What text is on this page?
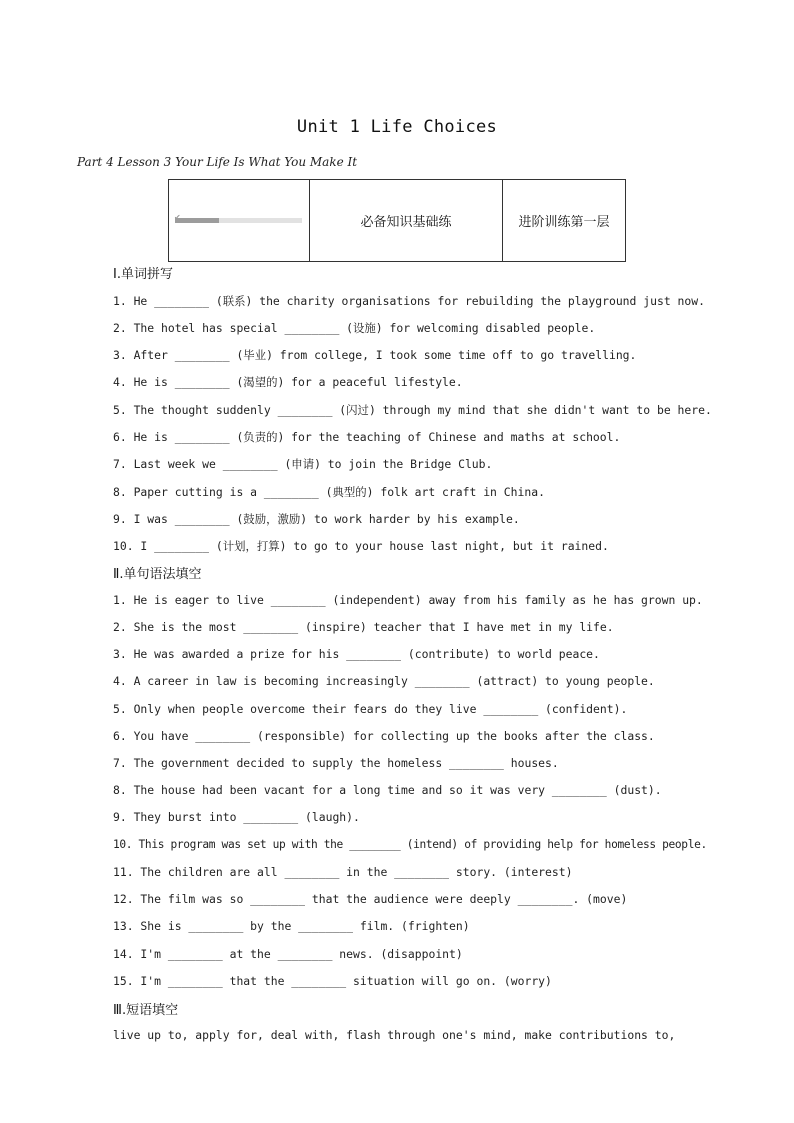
Unit 1 Life Choices
Part 4 Lesson 3 Your Life Is What You Make It
	必备知识基础练	进阶训练第一层
Ⅰ.单词拼写
1. He ________ (联系) the charity organisations for rebuilding the playground just now.
2. The hotel has special ________ (设施) for welcoming disabled people.
3. After ________ (毕业) from college, I took some time off to go travelling.
4. He is ________ (渴望的) for a peaceful lifestyle.
5. The thought suddenly ________ (闪过) through my mind that she didn't want to be here.
6. He is ________ (负责的) for the teaching of Chinese and maths at school.
7. Last week we ________ (申请) to join the Bridge Club.
8. Paper cutting is a ________ (典型的) folk art craft in China.
9. I was ________ (鼓励，激励) to work harder by his example.
10. I ________ (计划，打算) to go to your house last night, but it rained.
Ⅱ.单句语法填空
1. He is eager to live ________ (independent) away from his family as he has grown up.
2. She is the most ________ (inspire) teacher that I have met in my life.
3. He was awarded a prize for his ________ (contribute) to world peace.
4. A career in law is becoming increasingly ________ (attract) to young people.
5. Only when people overcome their fears do they live ________ (confident).
6. You have ________ (responsible) for collecting up the books after the class.
7. The government decided to supply the homeless ________ houses.
8. The house had been vacant for a long time and so it was very ________ (dust).
9. They burst into ________ (laugh).
10. This program was set up with the ________ (intend) of providing help for homeless people.
11. The children are all ________ in the ________ story. (interest)
12. The film was so ________ that the audience were deeply ________. (move)
13. She is ________ by the ________ film. (frighten)
14. I'm ________ at the ________ news. (disappoint)
15. I'm ________ that the ________ situation will go on. (worry)
Ⅲ.短语填空
live up to, apply for, deal with, flash through one's mind, make contributions to,
